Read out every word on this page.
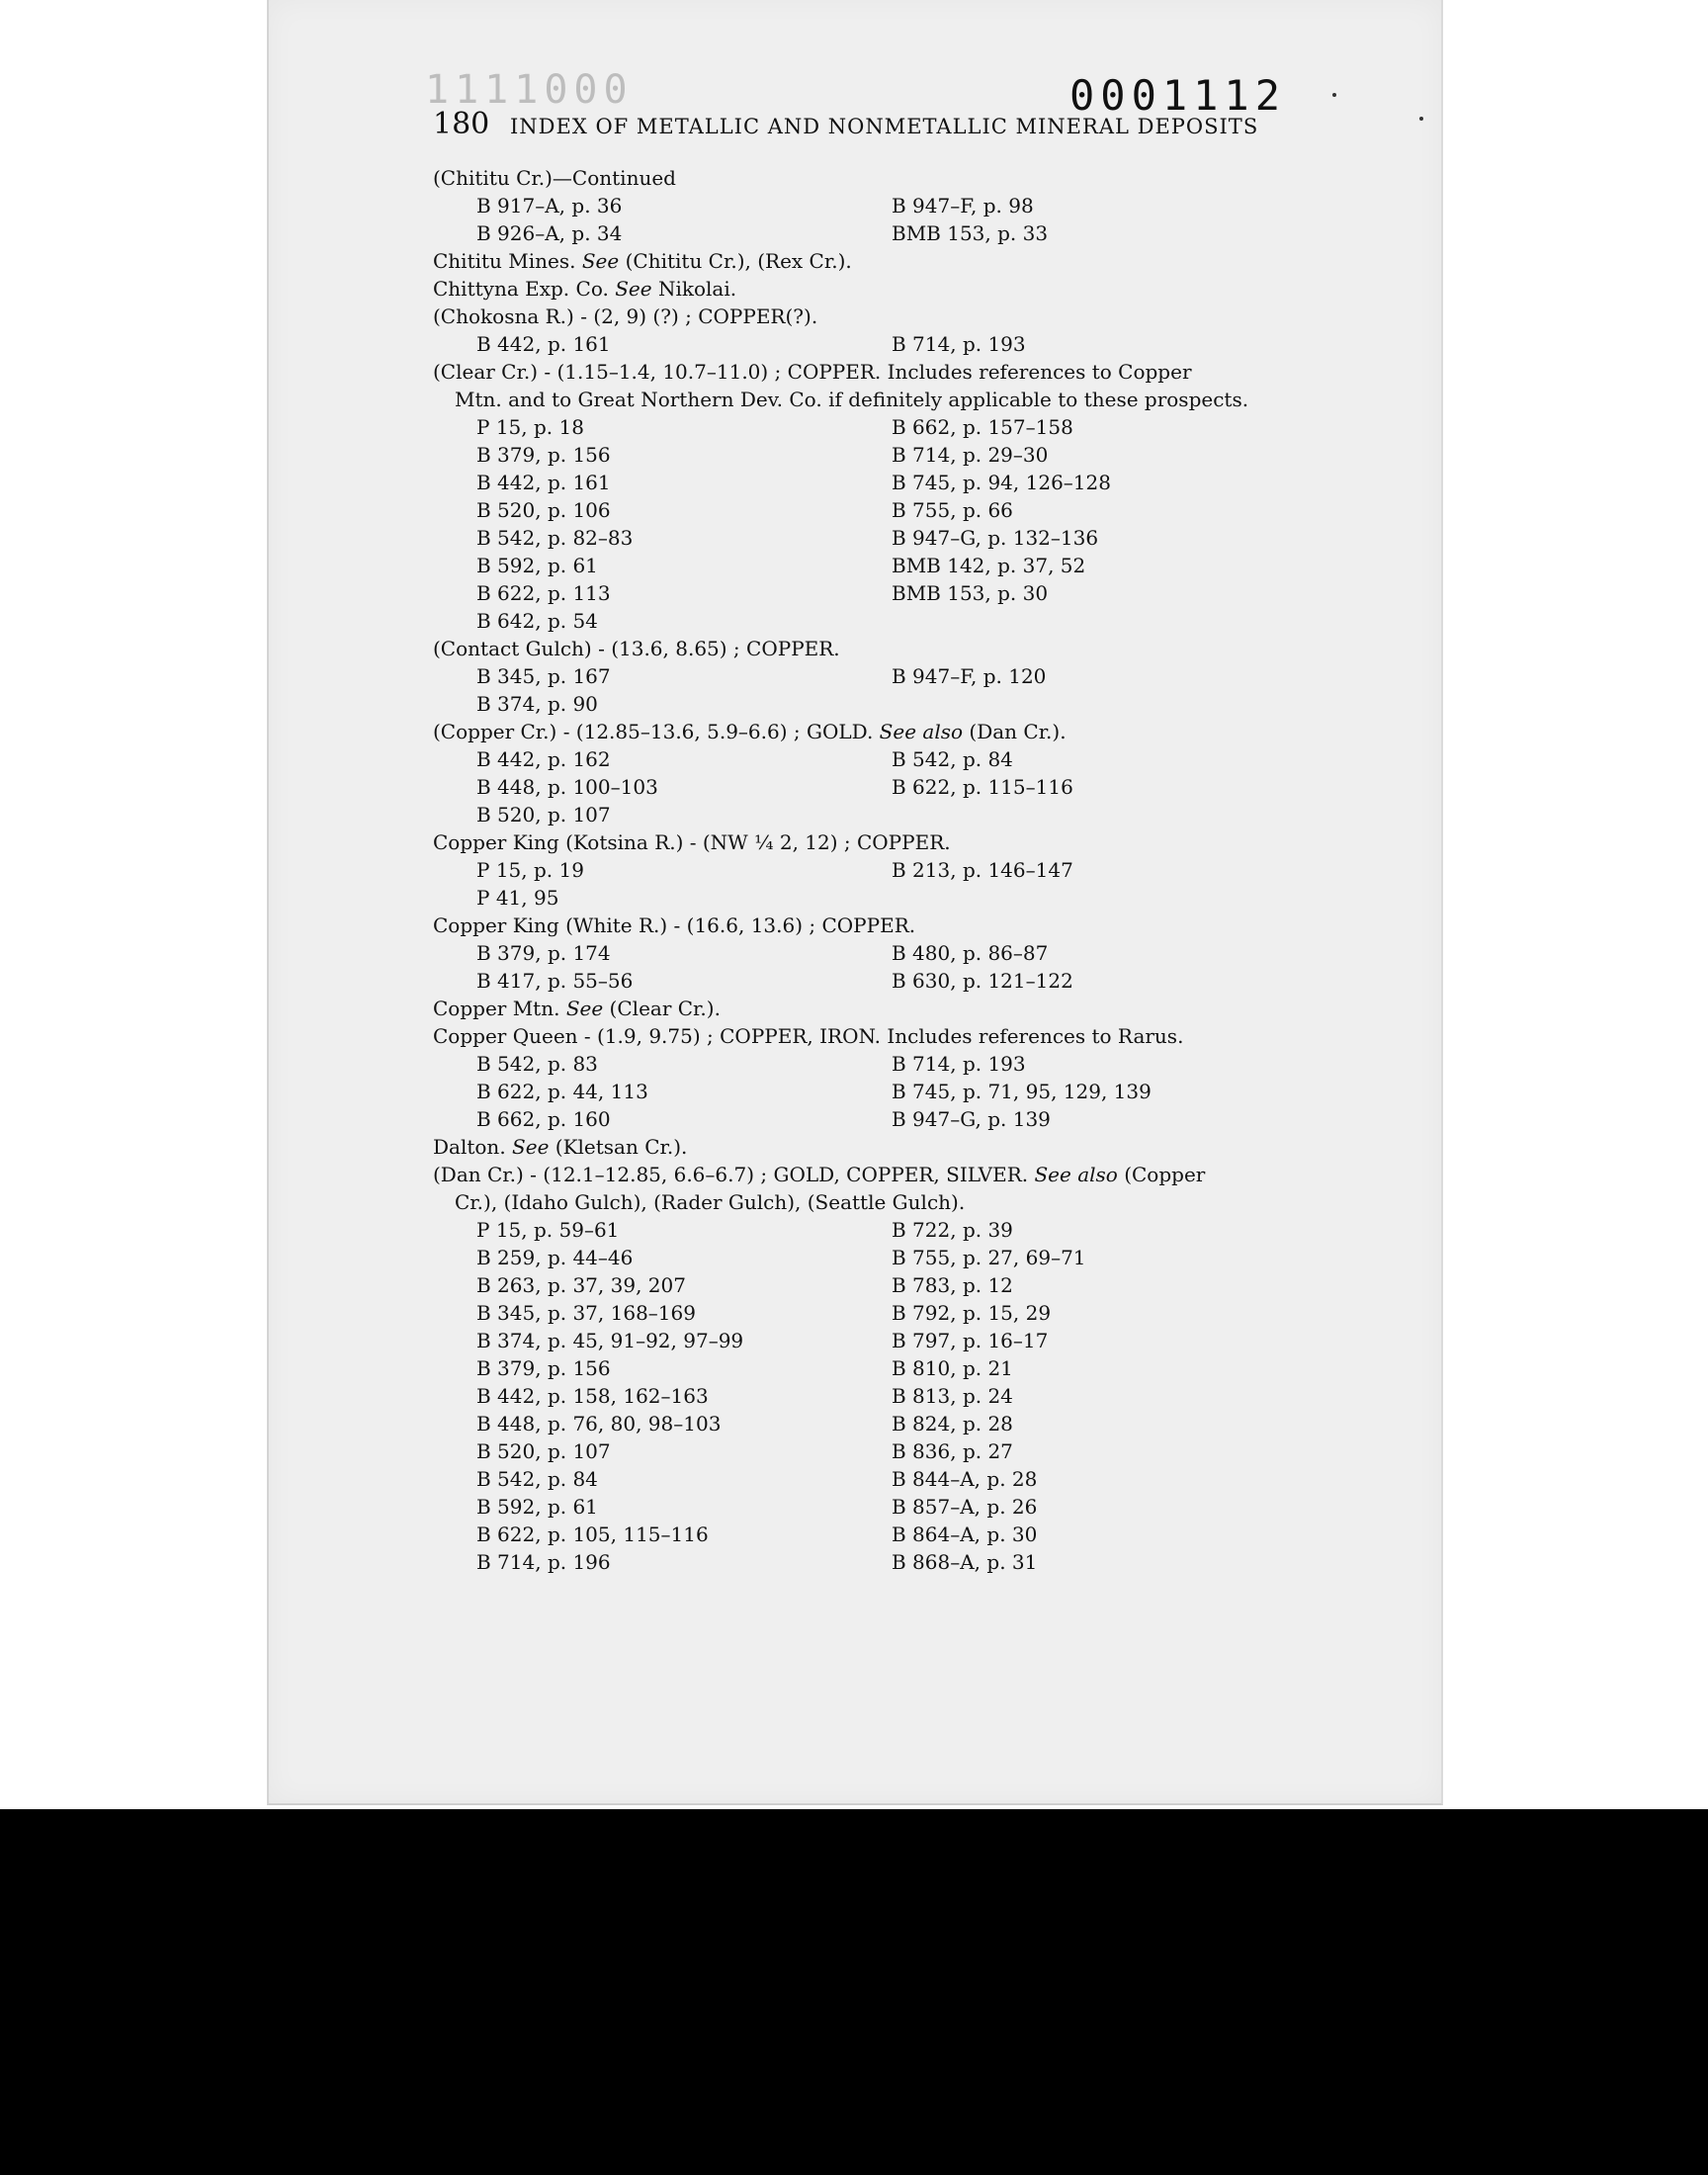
1111000	0001112
180 INDEX OF METALLIC AND NONMETALLIC MINERAL DEPOSITS
(Chititu Cr.)—Continued
B 917–A, p. 36	B 947–F, p. 98
B 926–A, p. 34	BMB 153, p. 33
Chititu Mines. See (Chititu Cr.), (Rex Cr.).
Chittyna Exp. Co. See Nikolai.
(Chokosna R.) - (2, 9) (?) ; COPPER(?).
B 442, p. 161	B 714, p. 193
(Clear Cr.) - (1.15–1.4, 10.7–11.0) ; COPPER. Includes references to Copper
Mtn. and to Great Northern Dev. Co. if definitely applicable to these prospects.
P 15, p. 18	B 662, p. 157–158
B 379, p. 156	B 714, p. 29–30
B 442, p. 161	B 745, p. 94, 126–128
B 520, p. 106	B 755, p. 66
B 542, p. 82–83	B 947–G, p. 132–136
B 592, p. 61	BMB 142, p. 37, 52
B 622, p. 113	BMB 153, p. 30
B 642, p. 54
(Contact Gulch) - (13.6, 8.65) ; COPPER.
B 345, p. 167	B 947–F, p. 120
B 374, p. 90
(Copper Cr.) - (12.85–13.6, 5.9–6.6) ; GOLD. See also (Dan Cr.).
B 442, p. 162	B 542, p. 84
B 448, p. 100–103	B 622, p. 115–116
B 520, p. 107
Copper King (Kotsina R.) - (NW ¼ 2, 12) ; COPPER.
P 15, p. 19	B 213, p. 146–147
P 41, 95
Copper King (White R.) - (16.6, 13.6) ; COPPER.
B 379, p. 174	B 480, p. 86–87
B 417, p. 55–56	B 630, p. 121–122
Copper Mtn. See (Clear Cr.).
Copper Queen - (1.9, 9.75) ; COPPER, IRON. Includes references to Rarus.
B 542, p. 83	B 714, p. 193
B 622, p. 44, 113	B 745, p. 71, 95, 129, 139
B 662, p. 160	B 947–G, p. 139
Dalton. See (Kletsan Cr.).
(Dan Cr.) - (12.1–12.85, 6.6–6.7) ; GOLD, COPPER, SILVER. See also (Copper
Cr.), (Idaho Gulch), (Rader Gulch), (Seattle Gulch).
P 15, p. 59–61	B 722, p. 39
B 259, p. 44–46	B 755, p. 27, 69–71
B 263, p. 37, 39, 207	B 783, p. 12
B 345, p. 37, 168–169	B 792, p. 15, 29
B 374, p. 45, 91–92, 97–99	B 797, p. 16–17
B 379, p. 156	B 810, p. 21
B 442, p. 158, 162–163	B 813, p. 24
B 448, p. 76, 80, 98–103	B 824, p. 28
B 520, p. 107	B 836, p. 27
B 542, p. 84	B 844–A, p. 28
B 592, p. 61	B 857–A, p. 26
B 622, p. 105, 115–116	B 864–A, p. 30
B 714, p. 196	B 868–A, p. 31
